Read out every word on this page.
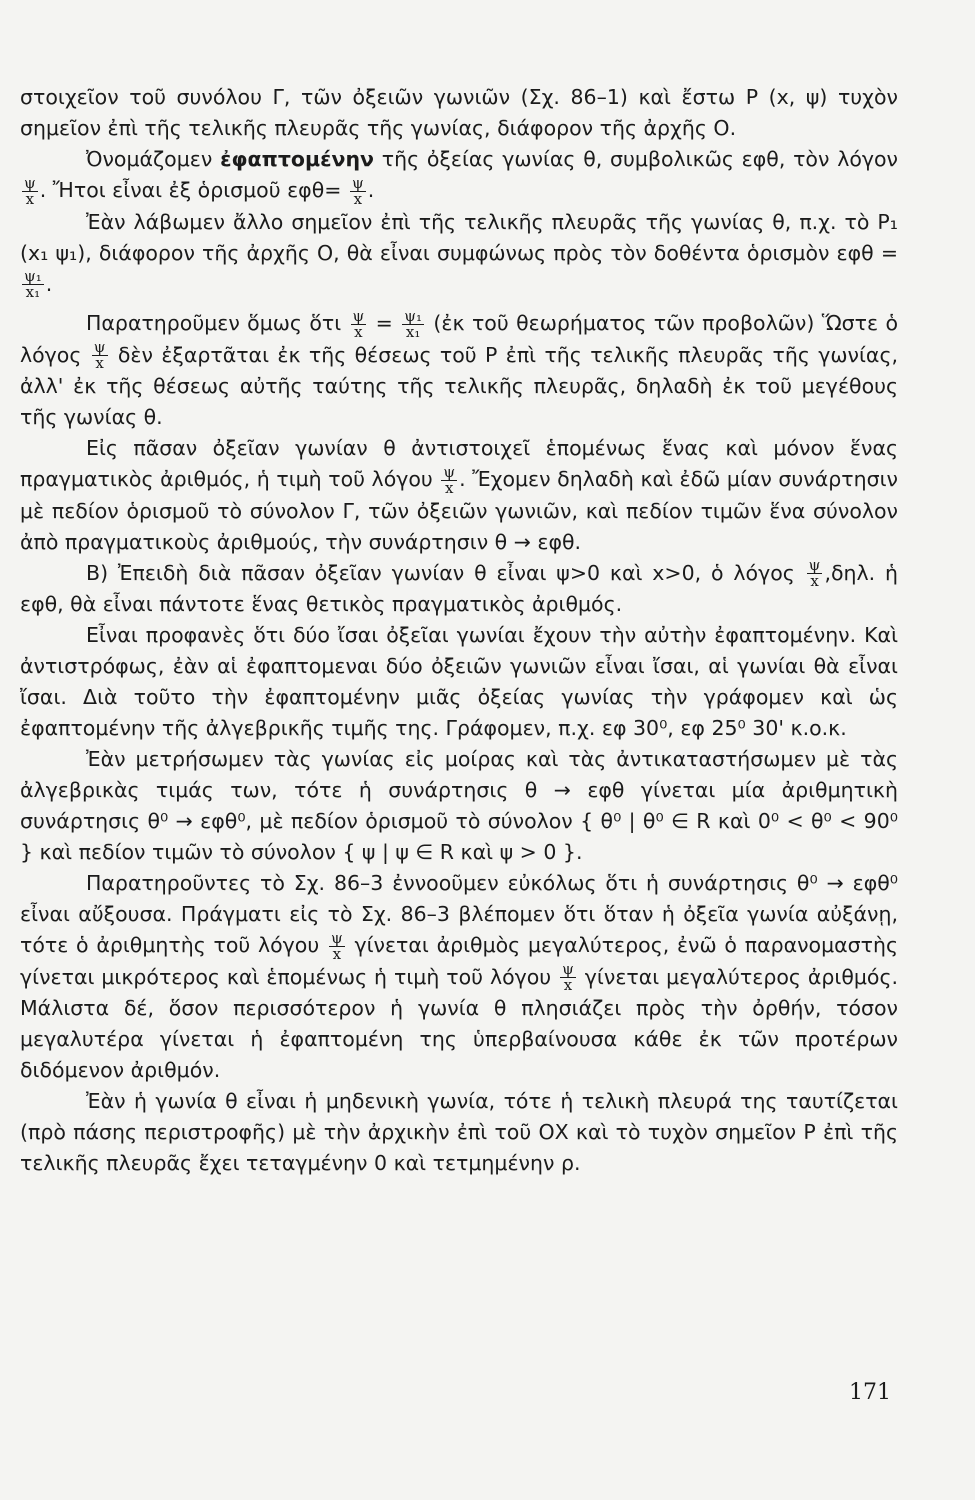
στοιχεῖον τοῦ συνόλου Γ, τῶν ὀξειῶν γωνιῶν (Σχ. 86–1) καὶ ἔστω Ρ (x, ψ) τυχὸν σημεῖον ἐπὶ τῆς τελικῆς πλευρᾶς τῆς γωνίας, διάφορον τῆς ἀρχῆς Ο.

Ὀνομάζομεν ἐφαπτομένην τῆς ὀξείας γωνίας θ, συμβολικῶς εφθ, τὸν λόγον
$\frac{\psi}{x}$ . Ἤτοι εἶναι ἐξ ὁρισμοῦ $\varepsilon\varphi\theta= \frac{\psi}{x}$ .

Ἐὰν λάβωμεν ἄλλο σημεῖον ἐπὶ τῆς τελικῆς πλευρᾶς τῆς γωνίας θ, π.χ. τὸ Ρ₁ (x₁ ψ₁), διάφορον τῆς ἀρχῆς Ο, θὰ εἶναι συμφώνως πρὸς τὸν δοθέντα ὁρισμὸν εφθ =
$\frac{\text{ψ₁}}{\text{x₁}}$ .

Παρατηροῦμεν ὅμως ὅτι $\frac{\psi}{x} = \frac{\text{ψ₁}}{\text{x₁}}$ (ἐκ τοῦ θεωρήματος τῶν προβολῶν) Ὥστε ὁ λόγος $\frac{\psi}{x}$ δὲν ἐξαρτᾶται ἐκ τῆς θέσεως τοῦ Ρ ἐπὶ τῆς τελικῆς πλευρᾶς τῆς γωνίας, ἀλλ' ἐκ τῆς θέσεως αὐτῆς ταύτης τῆς τελικῆς πλευρᾶς, δηλαδὴ ἐκ τοῦ μεγέθους τῆς γωνίας θ.

Εἰς πᾶσαν ὀξεῖαν γωνίαν θ ἀντιστοιχεῖ ἑπομένως ἕνας καὶ μόνον ἕνας πραγματικὸς ἀριθμός, ἡ τιμὴ τοῦ λόγου $\frac{\psi}{x}$ . Ἔχομεν δηλαδὴ καὶ ἐδῶ μίαν συνάρτησιν μὲ πεδίον ὁρισμοῦ τὸ σύνολον Γ, τῶν ὀξειῶν γωνιῶν, καὶ πεδίον τιμῶν ἕνα σύνολον ἀπὸ πραγματικοὺς ἀριθμούς, τὴν συνάρτησιν θ → εφθ.

Β) Ἐπειδὴ διὰ πᾶσαν ὀξεῖαν γωνίαν θ εἶναι ψ>0 καὶ x>0, ὁ λόγος $\frac{\psi}{x} ,\delta\eta\lambda$. ἡ εφθ, θὰ εἶναι πάντοτε ἕνας θετικὸς πραγματικὸς ἀριθμός.

Εἶναι προφανὲς ὅτι δύο ἴσαι ὀξεῖαι γωνίαι ἔχουν τὴν αὐτὴν ἐφαπτομένην. Καὶ ἀντιστρόφως, ἐὰν αἱ ἐφαπτομεναι δύο ὀξειῶν γωνιῶν εἶναι ἴσαι, αἱ γωνίαι θὰ εἶναι ἴσαι. Διὰ τοῦτο τὴν ἐφαπτομένην μιᾶς ὀξείας γωνίας τὴν γράφομεν καὶ ὡς ἐφαπτομένην τῆς ἀλγεβρικῆς τιμῆς της. Γράφομεν, π.χ. εφ 30⁰, εφ 25⁰ 30' κ.ο.κ.

Ἐὰν μετρήσωμεν τὰς γωνίας εἰς μοίρας καὶ τὰς ἀντικαταστήσωμεν μὲ τὰς ἀλγεβρικὰς τιμάς των, τότε ἡ συνάρτησις θ → εφθ γίνεται μία ἀριθμητικὴ συνάρτησις θ⁰ → εφθ⁰, μὲ πεδίον ὁρισμοῦ τὸ σύνολον { θ⁰ | θ⁰ ∈ R καὶ 0⁰ < θ⁰ < 90⁰ } καὶ πεδίον τιμῶν τὸ σύνολον { ψ | ψ ∈ R καὶ ψ > 0 }.

Παρατηροῦντες τὸ Σχ. 86–3 ἐννοοῦμεν εὐκόλως ὅτι ἡ συνάρτησις θ⁰ → εφθ⁰ εἶναι αὔξουσα. Πράγματι εἰς τὸ Σχ. 86–3 βλέπομεν ὅτι ὅταν ἡ ὀξεῖα γωνία αὐξάνῃ, τότε ὁ ἀριθμητὴς τοῦ λόγου $\frac{\psi}{x}$ γίνεται ἀριθμὸς μεγαλύτερος, ἐνῶ ὁ παρανομαστὴς γίνεται μικρότερος καὶ ἑπομένως ἡ τιμὴ τοῦ λόγου $\frac{\psi}{x}$ γίνεται μεγαλύτερος ἀριθμός. Μάλιστα δέ, ὅσον περισσότερον ἡ γωνία θ πλησιάζει πρὸς τὴν ὀρθήν, τόσον μεγαλυτέρα γίνεται ἡ ἐφαπτομένη της ὑπερβαίνουσα κάθε ἐκ τῶν προτέρων διδόμενον ἀριθμόν.

Ἐὰν ἡ γωνία θ εἶναι ἡ μηδενικὴ γωνία, τότε ἡ τελικὴ πλευρά της ταυτίζεται (πρὸ πάσης περιστροφῆς) μὲ τὴν ἀρχικὴν ἐπὶ τοῦ ΟΧ καὶ τὸ τυχὸν σημεῖον Ρ ἐπὶ τῆς τελικῆς πλευρᾶς ἔχει τεταγμένην 0 καὶ τετμημένην ρ.

171
